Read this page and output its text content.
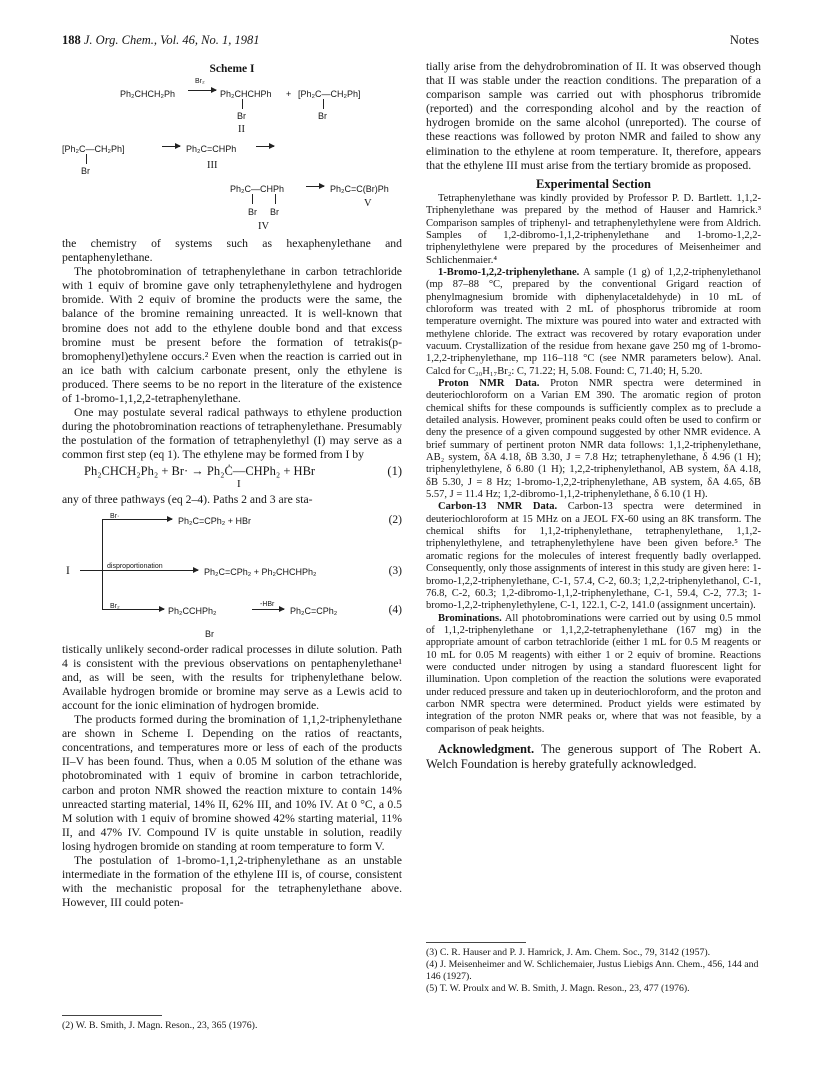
188 J. Org. Chem., Vol. 46, No. 1, 1981	Notes
Scheme I
Ph₂CHCH₂Ph
Br₂
Ph₂CHCHPh
Br
+ [Ph₂C—CH₂Ph]
Br
II
[Ph₂C—CH₂Ph]
Br
Ph₂C=CHPh
III
Ph₂C—CHPh
Br Br
Ph₂C=C(Br)Ph
V
IV

the chemistry of systems such as hexaphenylethane and pentaphenylethane.

The photobromination of tetraphenylethane in carbon tetrachloride with 1 equiv of bromine gave only tetraphenylethylene and hydrogen bromide. With 2 equiv of bromine the products were the same, the balance of the bromine remaining unreacted. It is well-known that bromine does not add to the ethylene double bond and that excess bromine must be present before the formation of tetrakis(p-bromophenyl)ethylene occurs.² Even when the reaction is carried out in an ice bath with calcium carbonate present, only the ethylene is produced. There seems to be no report in the literature of the existence of 1-bromo-1,1,2,2-tetraphenylethane.

One may postulate several radical pathways to ethylene production during the photobromination reactions of tetraphenylethane. Presumably the postulation of the formation of tetraphenylethyl (I) may serve as a common first step (eq 1). The ethylene may be formed from I by

Ph₂CHCH₂Ph₂ + Br· → Ph₂Ċ—CHPh₂ + HBr
I
(1)

any of three pathways (eq 2–4). Paths 2 and 3 are sta-

I
Br·	Ph₂C=CPh₂ + HBr	(2)
disproportionation
Ph₂C=CPh₂ + Ph₂CHCHPh₂	(3)
Br₂	Ph₂CCHPh₂
-HBr
Ph₂C=CPh₂	(4)
Br

tistically unlikely second-order radical processes in dilute solution. Path 4 is consistent with the previous observations on pentaphenylethane¹ and, as will be seen, with the results for triphenylethane below. Available hydrogen bromide or bromine may serve as a Lewis acid to account for the ionic elimination of hydrogen bromide.

The products formed during the bromination of 1,1,2-triphenylethane are shown in Scheme I. Depending on the ratios of reactants, concentrations, and temperatures more or less of each of the products II–V has been found. Thus, when a 0.05 M solution of the ethane was photobrominated with 1 equiv of bromine in carbon tetrachloride, carbon and proton NMR showed the reaction mixture to contain 14% unreacted starting material, 14% II, 62% III, and 10% IV. At 0 °C, a 0.5 M solution with 1 equiv of bromine showed 42% starting material, 11% II, and 47% IV. Compound IV is quite unstable in solution, readily losing hydrogen bromide on standing at room temperature to form V.

The postulation of 1-bromo-1,1,2-triphenylethane as an unstable intermediate in the formation of the ethylene III is, of course, consistent with the mechanistic proposal for the tetraphenylethane above. However, III could poten-

(2) W. B. Smith, J. Magn. Reson., 23, 365 (1976).

tially arise from the dehydrobromination of II. It was observed though that II was stable under the reaction conditions. The preparation of a comparison sample was carried out with phosphorus tribromide (reported) and the corresponding alcohol and by the reaction of hydrogen bromide on the same alcohol (unreported). The course of these reactions was followed by proton NMR and failed to show any elimination to the ethylene at room temperature. It, therefore, appears that the ethylene III must arise from the tertiary bromide as proposed.

Experimental Section

Tetraphenylethane was kindly provided by Professor P. D. Bartlett. 1,1,2-Triphenylethane was prepared by the method of Hauser and Hamrick.³ Comparison samples of triphenyl- and tetraphenylethylene were from Aldrich. Samples of 1,2-dibromo-1,1,2-triphenylethane and 1-bromo-1,2,2-triphenylethylene were prepared by the procedures of Meisenheimer and Schlichenmaier.⁴

1-Bromo-1,2,2-triphenylethane. A sample (1 g) of 1,2,2-triphenylethanol (mp 87–88 °C, prepared by the conventional Grigard reaction of phenylmagnesium bromide with diphenylacetaldehyde) in 10 mL of chloroform was treated with 2 mL of phosphorus tribromide at room temperature overnight. The mixture was poured into water and extracted with methylene chloride. The extract was recovered by rotary evaporation under vacuum. Crystallization of the residue from hexane gave 250 mg of 1-bromo-1,2,2-triphenylethane, mp 116–118 °C (see NMR parameters below). Anal. Calcd for C₂₀H₁₇Br₂: C, 71.22; H, 5.08. Found: C, 71.40; H, 5.20.

Proton NMR Data. Proton NMR spectra were determined in deuteriochloroform on a Varian EM 390. The aromatic region of proton chemical shifts for these compounds is sufficiently complex as to preclude a detailed analysis. However, prominent peaks could often be used to confirm or deny the presence of a given compound suggested by other NMR evidence. A brief summary of pertinent proton NMR data follows: 1,1,2-triphenylethane, AB₂ system, δA 4.18, δB 3.30, J = 7.8 Hz; tetraphenylethane, δ 4.96 (1 H); triphenylethylene, δ 6.80 (1 H); 1,2,2-triphenylethanol, AB system, δA 4.18, δB 5.30, J = 8 Hz; 1-bromo-1,2,2-triphenylethane, AB system, δA 4.65, δB 5.57, J = 11.4 Hz; 1,2-dibromo-1,1,2-triphenylethane, δ 6.10 (1 H).

Carbon-13 NMR Data. Carbon-13 spectra were determined in deuteriochloroform at 15 MHz on a JEOL FX-60 using an 8K transform. The chemical shifts for 1,1,2-triphenylethane, tetraphenylethane, 1,1,2-triphenylethylene, and tetraphenylethylene have been given before.⁵ The aromatic regions for the molecules of interest frequently badly overlapped. Consequently, only those assignments of interest in this study are given here: 1-bromo-1,2,2-triphenylethane, C-1, 57.4, C-2, 60.3; 1,2,2-triphenylethanol, C-1, 76.8, C-2, 60.3; 1,2-dibromo-1,1,2-triphenylethane, C-1, 59.4, C-2, 77.3; 1-bromo-1,2,2-triphenylethylene, C-1, 122.1, C-2, 141.0 (assignment uncertain).

Brominations. All photobrominations were carried out by using 0.5 mmol of 1,1,2-triphenylethane or 1,1,2,2-tetraphenylethane (167 mg) in the appropriate amount of carbon tetrachloride (either 1 mL for 0.5 M reagents or 10 mL for 0.05 M reagents) with either 1 or 2 equiv of bromine. Reactions were conducted under nitrogen by using a standard fluorescent light for illumination. Upon completion of the reaction the solutions were evaporated under reduced pressure and taken up in deuteriochloroform, and the proton and carbon NMR spectra were determined. Product yields were estimated by integration of the proton NMR peaks or, where that was not feasible, by a comparison of peak heights.

Acknowledgment. The generous support of The Robert A. Welch Foundation is hereby gratefully acknowledged.

(3) C. R. Hauser and P. J. Hamrick, J. Am. Chem. Soc., 79, 3142 (1957).
(4) J. Meisenheimer and W. Schlichemaier, Justus Liebigs Ann. Chem., 456, 144 and 146 (1927).
(5) T. W. Proulx and W. B. Smith, J. Magn. Reson., 23, 477 (1976).
